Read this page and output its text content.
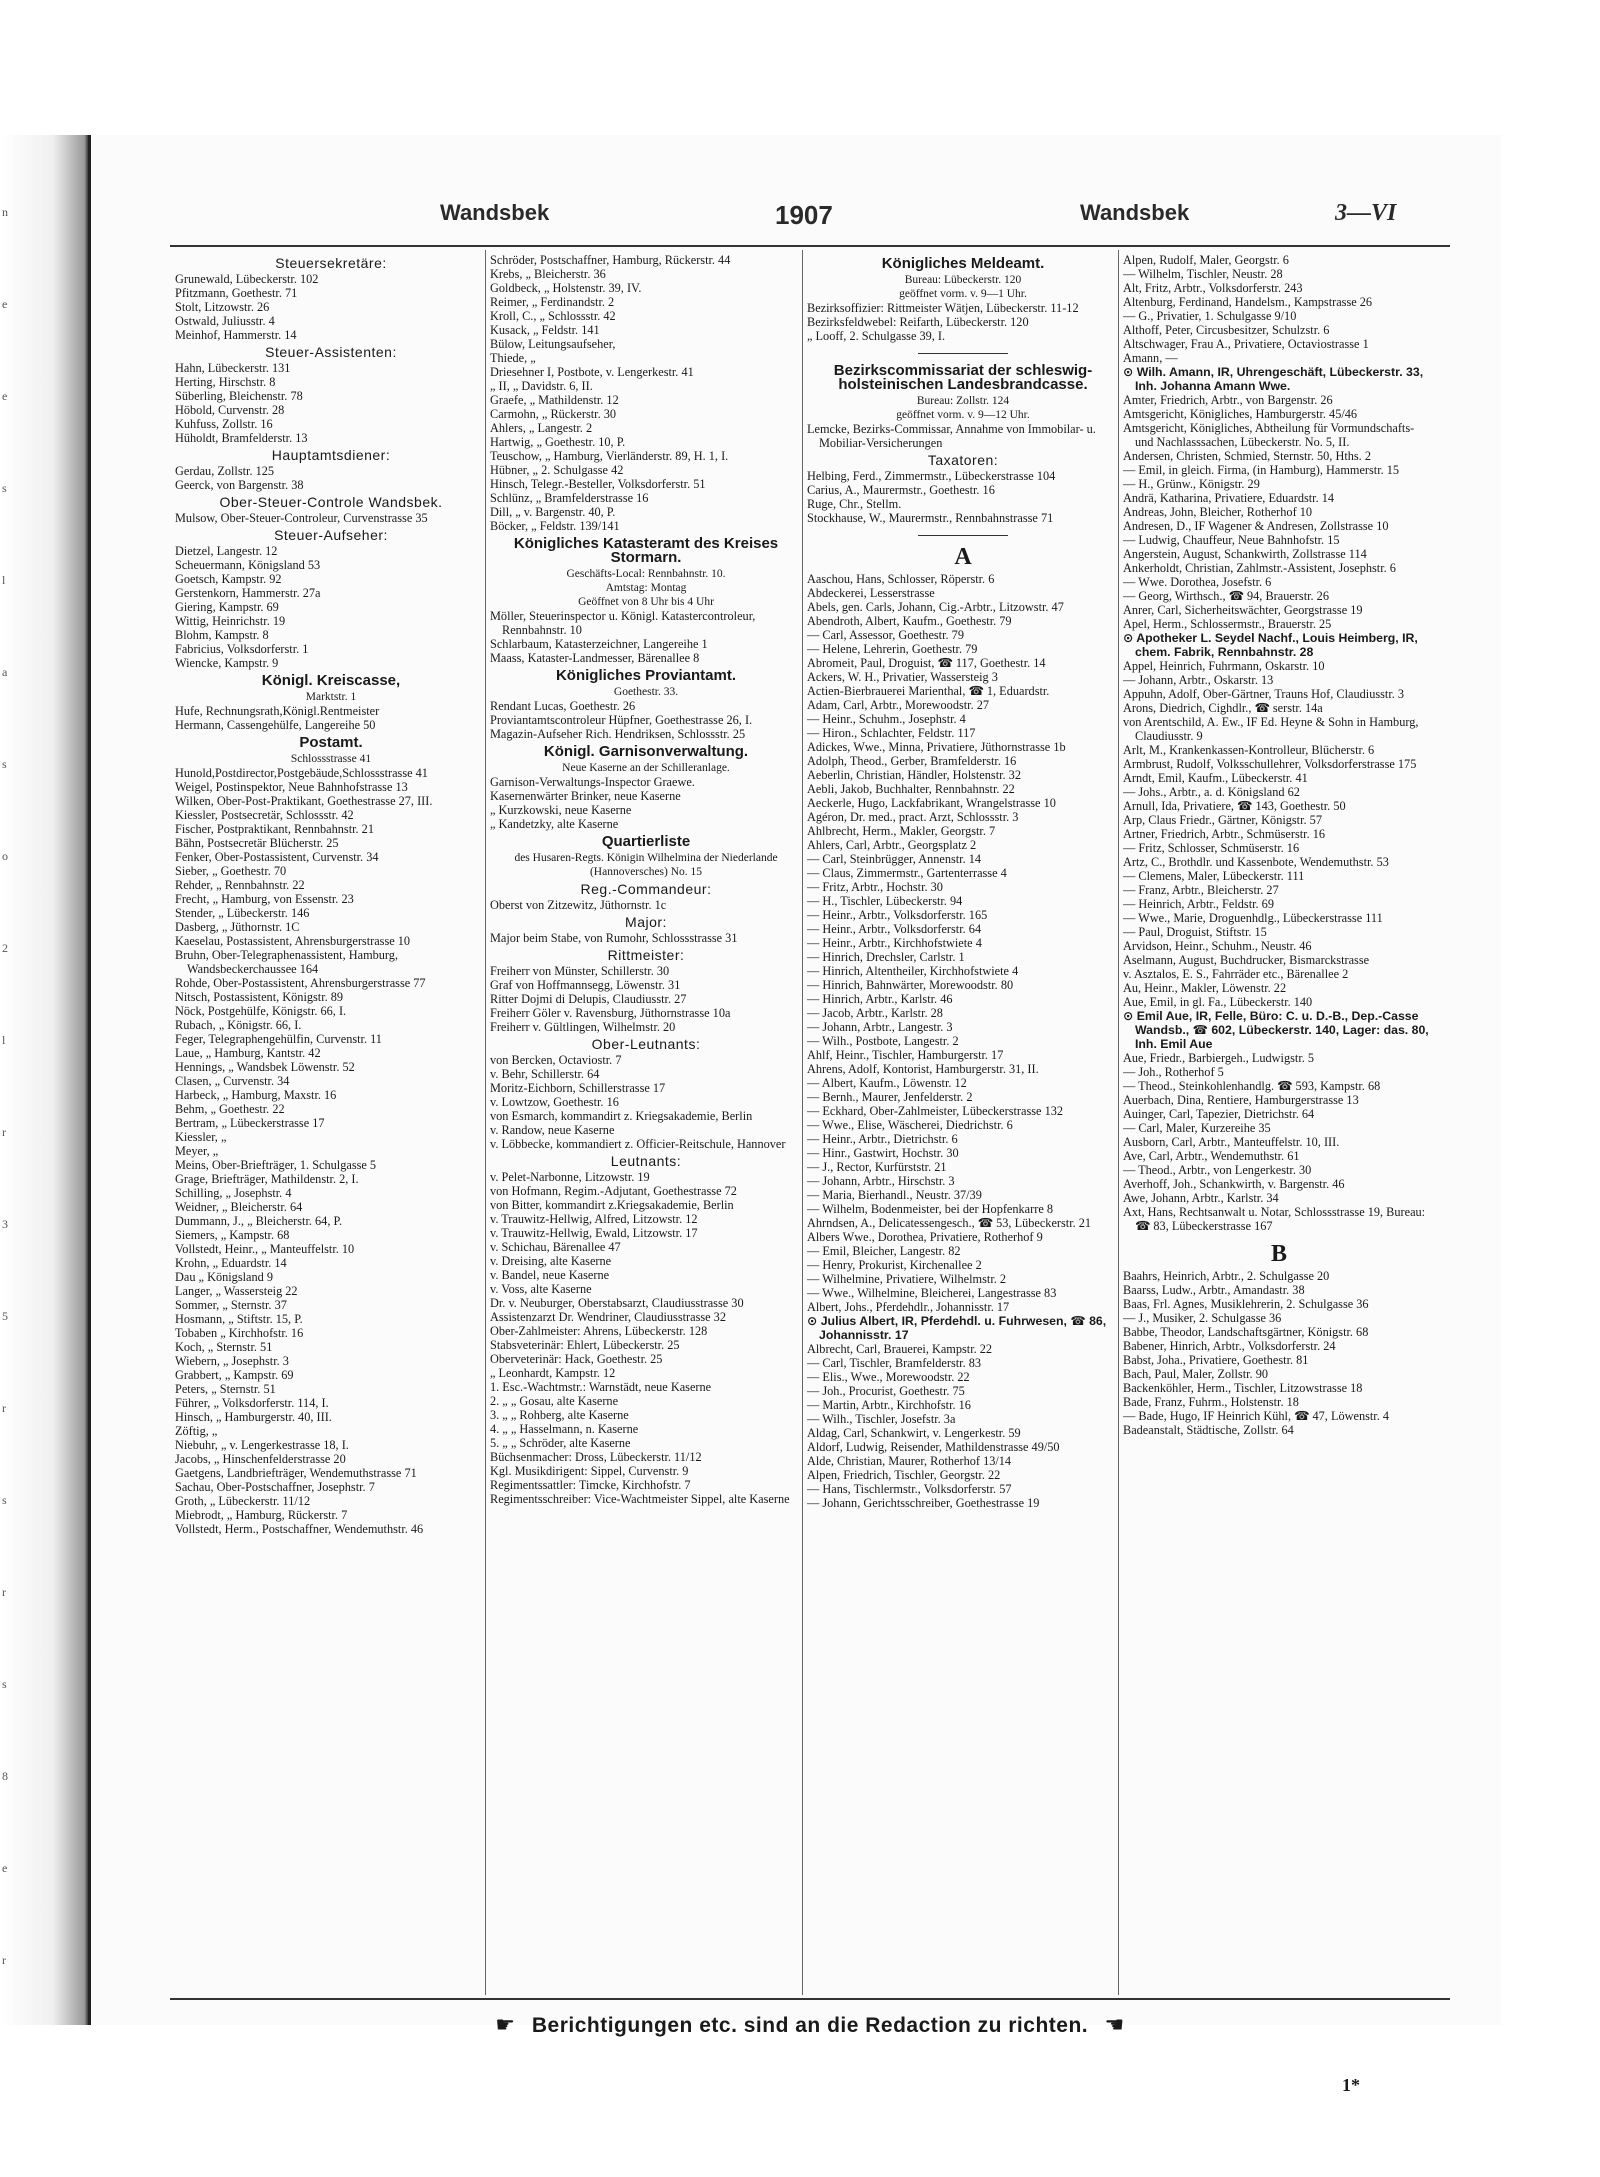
n
e
e
s
l
a
s
o
2
l
r
3
5
r
s
r
s
8
e
r
Wandsbek	1907	Wandsbek	3—VI
Steuersekretäre:

Grunewald, Lübeckerstr. 102

Pfitzmann, Goethestr. 71

Stolt, Litzowstr. 26

Ostwald, Juliusstr. 4

Meinhof, Hammerstr. 14

Steuer-Assistenten:

Hahn, Lübeckerstr. 131

Herting, Hirschstr. 8

Süberling, Bleichenstr. 78

Höbold, Curvenstr. 28

Kuhfuss, Zollstr. 16

Hüholdt, Bramfelderstr. 13

Hauptamtsdiener:

Gerdau, Zollstr. 125

Geerck, von Bargenstr. 38

Ober-Steuer-Controle Wandsbek.

Mulsow, Ober-Steuer-Controleur, Curvenstrasse 35

Steuer-Aufseher:

Dietzel, Langestr. 12

Scheuermann, Königsland 53

Goetsch, Kampstr. 92

Gerstenkorn, Hammerstr. 27a

Giering, Kampstr. 69

Wittig, Heinrichstr. 19

Blohm, Kampstr. 8

Fabricius, Volksdorferstr. 1

Wiencke, Kampstr. 9

Königl. Kreiscasse,

Marktstr. 1

Hufe, Rechnungsrath,Königl.Rentmeister

Hermann, Cassengehülfe, Langereihe 50

Postamt.

Schlossstrasse 41

Hunold,Postdirector,Postgebäude,Schlossstrasse 41

Weigel, Postinspektor, Neue Bahnhofstrasse 13

Wilken, Ober-Post-Praktikant, Goethestrasse 27, III.

Kiessler, Postsecretär, Schlossstr. 42

Fischer, Postpraktikant, Rennbahnstr. 21

Bähn, Postsecretär Blücherstr. 25

Fenker, Ober-Postassistent, Curvenstr. 34

Sieber, „ Goethestr. 70

Rehder, „ Rennbahnstr. 22

Frecht, „ Hamburg, von Essenstr. 23

Stender, „ Lübeckerstr. 146

Dasberg, „ Jüthornstr. 1C

Kaeselau, Postassistent, Ahrensburgerstrasse 10

Bruhn, Ober-Telegraphenassistent, Hamburg, Wandsbeckerchaussee 164

Rohde, Ober-Postassistent, Ahrensburgerstrasse 77

Nitsch, Postassistent, Königstr. 89

Nöck, Postgehülfe, Königstr. 66, I.

Rubach, „ Königstr. 66, I.

Feger, Telegraphengehülfin, Curvenstr. 11

Laue, „ Hamburg, Kantstr. 42

Hennings, „ Wandsbek Löwenstr. 52

Clasen, „ Curvenstr. 34

Harbeck, „ Hamburg, Maxstr. 16

Behm, „ Goethestr. 22

Bertram, „ Lübeckerstrasse 17

Kiessler, „

Meyer, „

Meins, Ober-Briefträger, 1. Schulgasse 5

Grage, Briefträger, Mathildenstr. 2, I.

Schilling, „ Josephstr. 4

Weidner, „ Bleicherstr. 64

Dummann, J., „ Bleicherstr. 64, P.

Siemers, „ Kampstr. 68

Vollstedt, Heinr., „ Manteuffelstr. 10

Krohn, „ Eduardstr. 14

Dau „ Königsland 9

Langer, „ Wassersteig 22

Sommer, „ Sternstr. 37

Hosmann, „ Stiftstr. 15, P.

Tobaben „ Kirchhofstr. 16

Koch, „ Sternstr. 51

Wiebern, „ Josephstr. 3

Grabbert, „ Kampstr. 69

Peters, „ Sternstr. 51

Führer, „ Volksdorferstr. 114, I.

Hinsch, „ Hamburgerstr. 40, III.

Zöftig, „

Niebuhr, „ v. Lengerkestrasse 18, I.

Jacobs, „ Hinschenfelderstrasse 20

Gaetgens, Landbriefträger, Wendemuthstrasse 71

Sachau, Ober-Postschaffner, Josephstr. 7

Groth, „ Lübeckerstr. 11/12

Miebrodt, „ Hamburg, Rückerstr. 7

Vollstedt, Herm., Postschaffner, Wendemuthstr. 46

Schröder, Postschaffner, Hamburg, Rückerstr. 44

Krebs, „ Bleicherstr. 36

Goldbeck, „ Holstenstr. 39, IV.

Reimer, „ Ferdinandstr. 2

Kroll, C., „ Schlossstr. 42

Kusack, „ Feldstr. 141

Bülow, Leitungsaufseher,

Thiede, „

Driesehner I, Postbote, v. Lengerkestr. 41

„ II, „ Davidstr. 6, II.

Graefe, „ Mathildenstr. 12

Carmohn, „ Rückerstr. 30

Ahlers, „ Langestr. 2

Hartwig, „ Goethestr. 10, P.

Teuschow, „ Hamburg, Vierländerstr. 89, H. 1, I.

Hübner, „ 2. Schulgasse 42

Hinsch, Telegr.-Besteller, Volksdorferstr. 51

Schlünz, „ Bramfelderstrasse 16

Dill, „ v. Bargenstr. 40, P.

Böcker, „ Feldstr. 139/141

Königliches Katasteramt des Kreises Stormarn.

Geschäfts-Local: Rennbahnstr. 10.

Amtstag: Montag

Geöffnet von 8 Uhr bis 4 Uhr

Möller, Steuerinspector u. Königl. Katastercontroleur, Rennbahnstr. 10

Schlarbaum, Katasterzeichner, Langereihe 1

Maass, Kataster-Landmesser, Bärenallee 8

Königliches Proviantamt.

Goethestr. 33.

Rendant Lucas, Goethestr. 26

Proviantamtscontroleur Hüpfner, Goethestrasse 26, I.

Magazin-Aufseher Rich. Hendriksen, Schlossstr. 25

Königl. Garnisonverwaltung.

Neue Kaserne an der Schilleranlage.

Garnison-Verwaltungs-Inspector Graewe.

Kasernenwärter Brinker, neue Kaserne

„ Kurzkowski, neue Kaserne

„ Kandetzky, alte Kaserne

Quartierliste

des Husaren-Regts. Königin Wilhelmina der Niederlande (Hannoversches) No. 15

Reg.-Commandeur:

Oberst von Zitzewitz, Jüthornstr. 1c

Major:

Major beim Stabe, von Rumohr, Schlossstrasse 31

Rittmeister:

Freiherr von Münster, Schillerstr. 30

Graf von Hoffmannsegg, Löwenstr. 31

Ritter Dojmi di Delupis, Claudiusstr. 27

Freiherr Göler v. Ravensburg, Jüthornstrasse 10a

Freiherr v. Gültlingen, Wilhelmstr. 20

Ober-Leutnants:

von Bercken, Octaviostr. 7

v. Behr, Schillerstr. 64

Moritz-Eichborn, Schillerstrasse 17

v. Lowtzow, Goethestr. 16

von Esmarch, kommandirt z. Kriegsakademie, Berlin

v. Randow, neue Kaserne

v. Löbbecke, kommandiert z. Officier-Reitschule, Hannover

Leutnants:

v. Pelet-Narbonne, Litzowstr. 19

von Hofmann, Regim.-Adjutant, Goethestrasse 72

von Bitter, kommandirt z.Kriegsakademie, Berlin

v. Trauwitz-Hellwig, Alfred, Litzowstr. 12

v. Trauwitz-Hellwig, Ewald, Litzowstr. 17

v. Schichau, Bärenallee 47

v. Dreising, alte Kaserne

v. Bandel, neue Kaserne

v. Voss, alte Kaserne

Dr. v. Neuburger, Oberstabsarzt, Claudiusstrasse 30

Assistenzarzt Dr. Wendriner, Claudiusstrasse 32

Ober-Zahlmeister: Ahrens, Lübeckerstr. 128

Stabsveterinär: Ehlert, Lübeckerstr. 25

Oberveterinär: Hack, Goethestr. 25

„ Leonhardt, Kampstr. 12

1. Esc.-Wachtmstr.: Warnstädt, neue Kaserne

2. „ „ Gosau, alte Kaserne

3. „ „ Rohberg, alte Kaserne

4. „ „ Hasselmann, n. Kaserne

5. „ „ Schröder, alte Kaserne

Büchsenmacher: Dross, Lübeckerstr. 11/12

Kgl. Musikdirigent: Sippel, Curvenstr. 9

Regimentssattler: Timcke, Kirchhofstr. 7

Regimentsschreiber: Vice-Wachtmeister Sippel, alte Kaserne

Königliches Meldeamt.

Bureau: Lübeckerstr. 120

geöffnet vorm. v. 9—1 Uhr.

Bezirksoffizier: Rittmeister Wätjen, Lübeckerstr. 11-12

Bezirksfeldwebel: Reifarth, Lübeckerstr. 120

„ Looff, 2. Schulgasse 39, I.

Bezirkscommissariat der schleswig-holsteinischen Landesbrandcasse.

Bureau: Zollstr. 124

geöffnet vorm. v. 9—12 Uhr.

Lemcke, Bezirks-Commissar, Annahme von Immobilar- u. Mobiliar-Versicherungen

Taxatoren:

Helbing, Ferd., Zimmermstr., Lübeckerstrasse 104

Carius, A., Maurermstr., Goethestr. 16

Ruge, Chr., Stellm.

Stockhause, W., Maurermstr., Rennbahnstrasse 71

A

Aaschou, Hans, Schlosser, Röperstr. 6

Abdeckerei, Lesserstrasse

Abels, gen. Carls, Johann, Cig.-Arbtr., Litzowstr. 47

Abendroth, Albert, Kaufm., Goethestr. 79

— Carl, Assessor, Goethestr. 79

— Helene, Lehrerin, Goethestr. 79

Abromeit, Paul, Droguist, ☎ 117, Goethestr. 14

Ackers, W. H., Privatier, Wassersteig 3

Actien-Bierbrauerei Marienthal, ☎ 1, Eduardstr.

Adam, Carl, Arbtr., Morewoodstr. 27

— Heinr., Schuhm., Josephstr. 4

— Hiron., Schlachter, Feldstr. 117

Adickes, Wwe., Minna, Privatiere, Jüthornstrasse 1b

Adolph, Theod., Gerber, Bramfelderstr. 16

Aeberlin, Christian, Händler, Holstenstr. 32

Aebli, Jakob, Buchhalter, Rennbahnstr. 22

Aeckerle, Hugo, Lackfabrikant, Wrangelstrasse 10

Agéron, Dr. med., pract. Arzt, Schlossstr. 3

Ahlbrecht, Herm., Makler, Georgstr. 7

Ahlers, Carl, Arbtr., Georgsplatz 2

— Carl, Steinbrügger, Annenstr. 14

— Claus, Zimmermstr., Gartenterrasse 4

— Fritz, Arbtr., Hochstr. 30

— H., Tischler, Lübeckerstr. 94

— Heinr., Arbtr., Volksdorferstr. 165

— Heinr., Arbtr., Volksdorferstr. 64

— Heinr., Arbtr., Kirchhofstwiete 4

— Hinrich, Drechsler, Carlstr. 1

— Hinrich, Altentheiler, Kirchhofstwiete 4

— Hinrich, Bahnwärter, Morewoodstr. 80

— Hinrich, Arbtr., Karlstr. 46

— Jacob, Arbtr., Karlstr. 28

— Johann, Arbtr., Langestr. 3

— Wilh., Postbote, Langestr. 2

Ahlf, Heinr., Tischler, Hamburgerstr. 17

Ahrens, Adolf, Kontorist, Hamburgerstr. 31, II.

— Albert, Kaufm., Löwenstr. 12

— Bernh., Maurer, Jenfelderstr. 2

— Eckhard, Ober-Zahlmeister, Lübeckerstrasse 132

— Wwe., Elise, Wäscherei, Diedrichstr. 6

— Heinr., Arbtr., Dietrichstr. 6

— Hinr., Gastwirt, Hochstr. 30

— J., Rector, Kurfürststr. 21

— Johann, Arbtr., Hirschstr. 3

— Maria, Bierhandl., Neustr. 37/39

— Wilhelm, Bodenmeister, bei der Hopfenkarre 8

Ahrndsen, A., Delicatessengesch., ☎ 53, Lübeckerstr. 21

Albers Wwe., Dorothea, Privatiere, Rotherhof 9

— Emil, Bleicher, Langestr. 82

— Henry, Prokurist, Kirchenallee 2

— Wilhelmine, Privatiere, Wilhelmstr. 2

— Wwe., Wilhelmine, Bleicherei, Langestrasse 83

Albert, Johs., Pferdehdlr., Johannisstr. 17

⊙ Julius Albert, IR, Pferdehdl. u. Fuhrwesen, ☎ 86, Johannisstr. 17

Albrecht, Carl, Brauerei, Kampstr. 22

— Carl, Tischler, Bramfelderstr. 83

— Elis., Wwe., Morewoodstr. 22

— Joh., Procurist, Goethestr. 75

— Martin, Arbtr., Kirchhofstr. 16

— Wilh., Tischler, Josefstr. 3a

Aldag, Carl, Schankwirt, v. Lengerkestr. 59

Aldorf, Ludwig, Reisender, Mathildenstrasse 49/50

Alde, Christian, Maurer, Rotherhof 13/14

Alpen, Friedrich, Tischler, Georgstr. 22

— Hans, Tischlermstr., Volksdorferstr. 57

— Johann, Gerichtsschreiber, Goethestrasse 19

Alpen, Rudolf, Maler, Georgstr. 6

— Wilhelm, Tischler, Neustr. 28

Alt, Fritz, Arbtr., Volksdorferstr. 243

Altenburg, Ferdinand, Handelsm., Kampstrasse 26

— G., Privatier, 1. Schulgasse 9/10

Althoff, Peter, Circusbesitzer, Schulzstr. 6

Altschwager, Frau A., Privatiere, Octaviostrasse 1

Amann, —

⊙ Wilh. Amann, IR, Uhrengeschäft, Lübeckerstr. 33, Inh. Johanna Amann Wwe.

Amter, Friedrich, Arbtr., von Bargenstr. 26

Amtsgericht, Königliches, Hamburgerstr. 45/46

Amtsgericht, Königliches, Abtheilung für Vormundschafts- und Nachlasssachen, Lübeckerstr. No. 5, II.

Andersen, Christen, Schmied, Sternstr. 50, Hths. 2

— Emil, in gleich. Firma, (in Hamburg), Hammerstr. 15

— H., Grünw., Königstr. 29

Andrä, Katharina, Privatiere, Eduardstr. 14

Andreas, John, Bleicher, Rotherhof 10

Andresen, D., IF Wagener & Andresen, Zollstrasse 10

— Ludwig, Chauffeur, Neue Bahnhofstr. 15

Angerstein, August, Schankwirth, Zollstrasse 114

Ankerholdt, Christian, Zahlmstr.-Assistent, Josephstr. 6

— Wwe. Dorothea, Josefstr. 6

— Georg, Wirthsch., ☎ 94, Brauerstr. 26

Anrer, Carl, Sicherheitswächter, Georgstrasse 19

Apel, Herm., Schlossermstr., Brauerstr. 25

⊙ Apotheker L. Seydel Nachf., Louis Heimberg, IR, chem. Fabrik, Rennbahnstr. 28

Appel, Heinrich, Fuhrmann, Oskarstr. 10

— Johann, Arbtr., Oskarstr. 13

Appuhn, Adolf, Ober-Gärtner, Trauns Hof, Claudiusstr. 3

Arons, Diedrich, Cighdlr., ☎ serstr. 14a

von Arentschild, A. Ew., IF Ed. Heyne & Sohn in Hamburg, Claudiusstr. 9

Arlt, M., Krankenkassen-Kontrolleur, Blücherstr. 6

Armbrust, Rudolf, Volksschullehrer, Volksdorferstrasse 175

Arndt, Emil, Kaufm., Lübeckerstr. 41

— Johs., Arbtr., a. d. Königsland 62

Arnull, Ida, Privatiere, ☎ 143, Goethestr. 50

Arp, Claus Friedr., Gärtner, Königstr. 57

Artner, Friedrich, Arbtr., Schmüserstr. 16

— Fritz, Schlosser, Schmüserstr. 16

Artz, C., Brothdlr. und Kassenbote, Wendemuthstr. 53

— Clemens, Maler, Lübeckerstr. 111

— Franz, Arbtr., Bleicherstr. 27

— Heinrich, Arbtr., Feldstr. 69

— Wwe., Marie, Droguenhdlg., Lübeckerstrasse 111

— Paul, Droguist, Stiftstr. 15

Arvidson, Heinr., Schuhm., Neustr. 46

Aselmann, August, Buchdrucker, Bismarckstrasse

v. Asztalos, E. S., Fahrräder etc., Bärenallee 2

Au, Heinr., Makler, Löwenstr. 22

Aue, Emil, in gl. Fa., Lübeckerstr. 140

⊙ Emil Aue, IR, Felle, Büro: C. u. D.-B., Dep.-Casse Wandsb., ☎ 602, Lübeckerstr. 140, Lager: das. 80, Inh. Emil Aue

Aue, Friedr., Barbiergeh., Ludwigstr. 5

— Joh., Rotherhof 5

— Theod., Steinkohlenhandlg. ☎ 593, Kampstr. 68

Auerbach, Dina, Rentiere, Hamburgerstrasse 13

Auinger, Carl, Tapezier, Dietrichstr. 64

— Carl, Maler, Kurzereihe 35

Ausborn, Carl, Arbtr., Manteuffelstr. 10, III.

Ave, Carl, Arbtr., Wendemuthstr. 61

— Theod., Arbtr., von Lengerkestr. 30

Averhoff, Joh., Schankwirth, v. Bargenstr. 46

Awe, Johann, Arbtr., Karlstr. 34

Axt, Hans, Rechtsanwalt u. Notar, Schlossstrasse 19, Bureau: ☎ 83, Lübeckerstrasse 167

B

Baahrs, Heinrich, Arbtr., 2. Schulgasse 20

Baarss, Ludw., Arbtr., Amandastr. 38

Baas, Frl. Agnes, Musiklehrerin, 2. Schulgasse 36

— J., Musiker, 2. Schulgasse 36

Babbe, Theodor, Landschaftsgärtner, Königstr. 68

Babener, Hinrich, Arbtr., Volksdorferstr. 24

Babst, Joha., Privatiere, Goethestr. 81

Bach, Paul, Maler, Zollstr. 90

Backenköhler, Herm., Tischler, Litzowstrasse 18

Bade, Franz, Fuhrm., Holstenstr. 18

— Bade, Hugo, IF Heinrich Kühl, ☎ 47, Löwenstr. 4

Badeanstalt, Städtische, Zollstr. 64

☛ Berichtigungen etc. sind an die Redaction zu richten. ☚
1*
